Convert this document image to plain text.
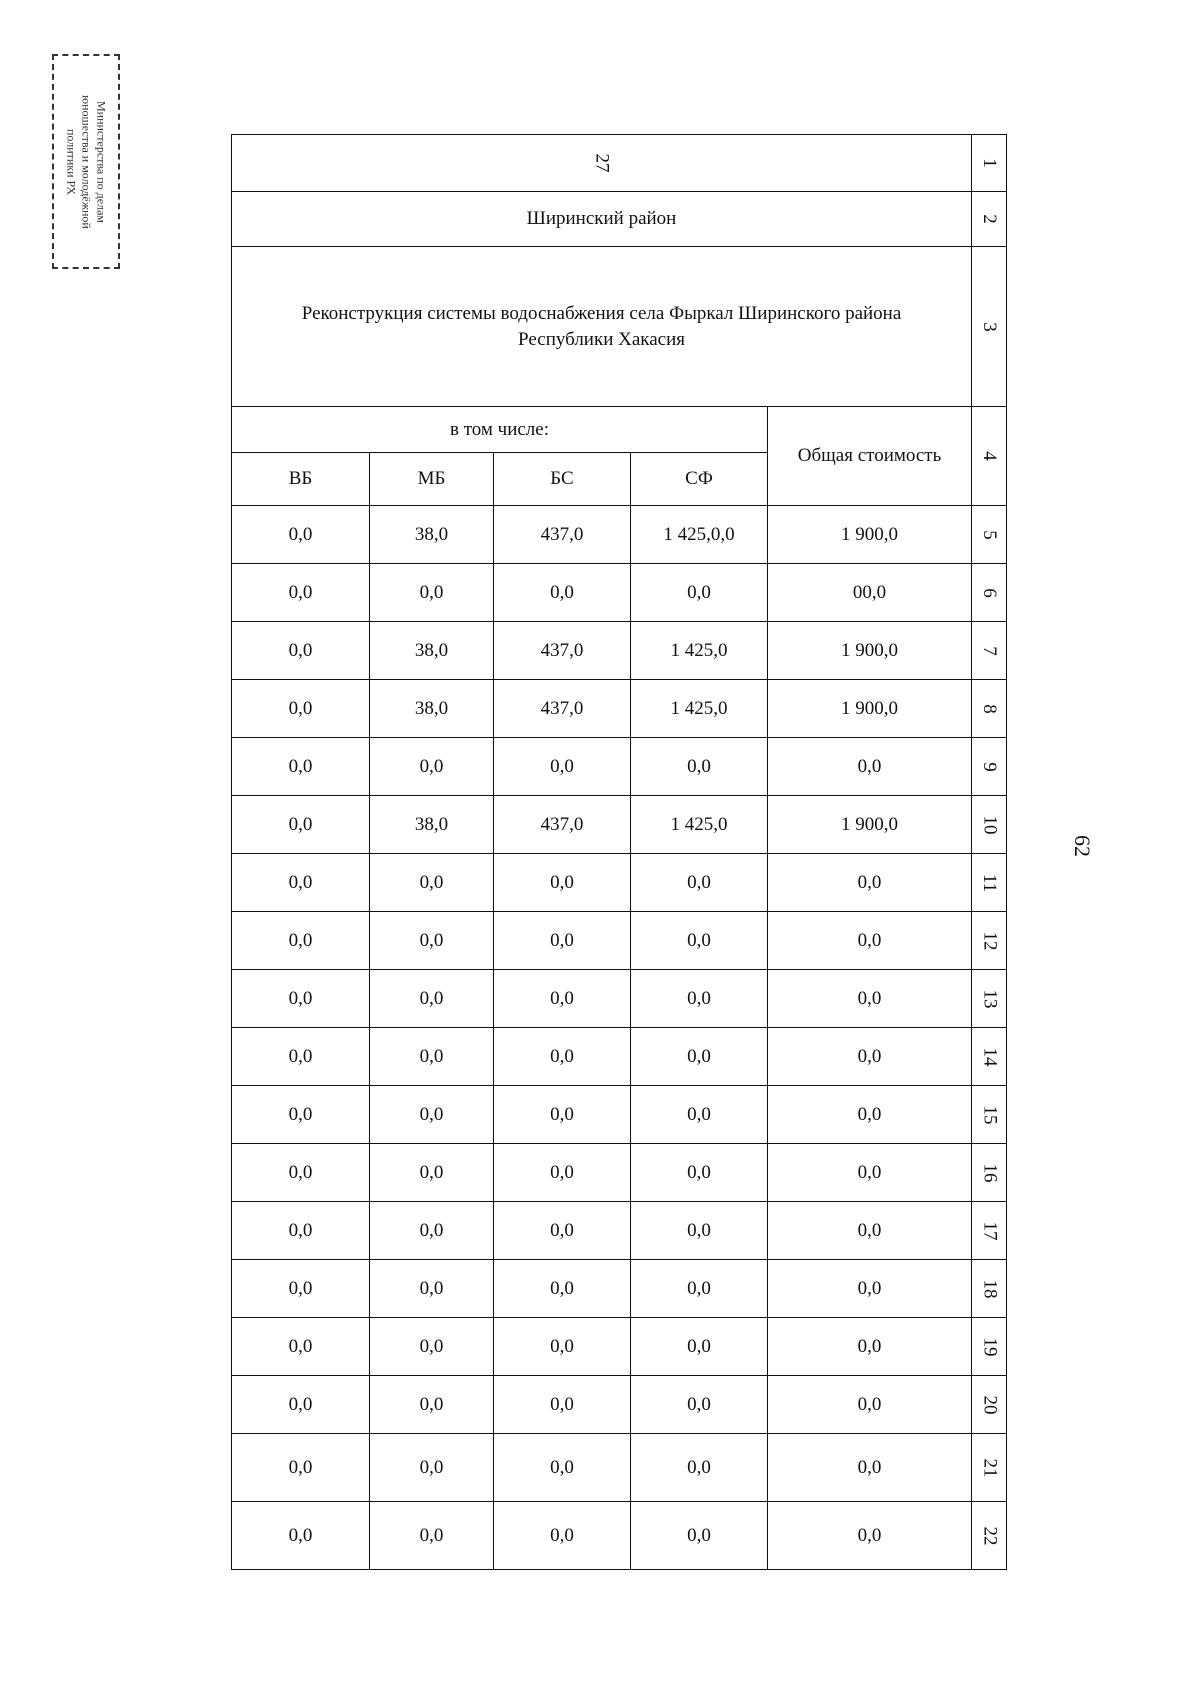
Министерства по делам
юношества и молодёжной
политики РХ
62
27					1
Ширинский район					2
Реконструкция системы водоснабжения села Фыркал Ширинского района Республики Хакасия					3
в том числе:				Общая стоимость	4
ВБ	МБ	БС	СФ		
0,0	38,0	437,0	1 425,0,0	1 900,0	5
0,0	0,0	0,0	0,0	00,0	6
0,0	38,0	437,0	1 425,0	1 900,0	7
0,0	38,0	437,0	1 425,0	1 900,0	8
0,0	0,0	0,0	0,0	0,0	9
0,0	38,0	437,0	1 425,0	1 900,0	10
0,0	0,0	0,0	0,0	0,0	11
0,0	0,0	0,0	0,0	0,0	12
0,0	0,0	0,0	0,0	0,0	13
0,0	0,0	0,0	0,0	0,0	14
0,0	0,0	0,0	0,0	0,0	15
0,0	0,0	0,0	0,0	0,0	16
0,0	0,0	0,0	0,0	0,0	17
0,0	0,0	0,0	0,0	0,0	18
0,0	0,0	0,0	0,0	0,0	19
0,0	0,0	0,0	0,0	0,0	20
0,0	0,0	0,0	0,0	0,0	21
0,0	0,0	0,0	0,0	0,0	22
